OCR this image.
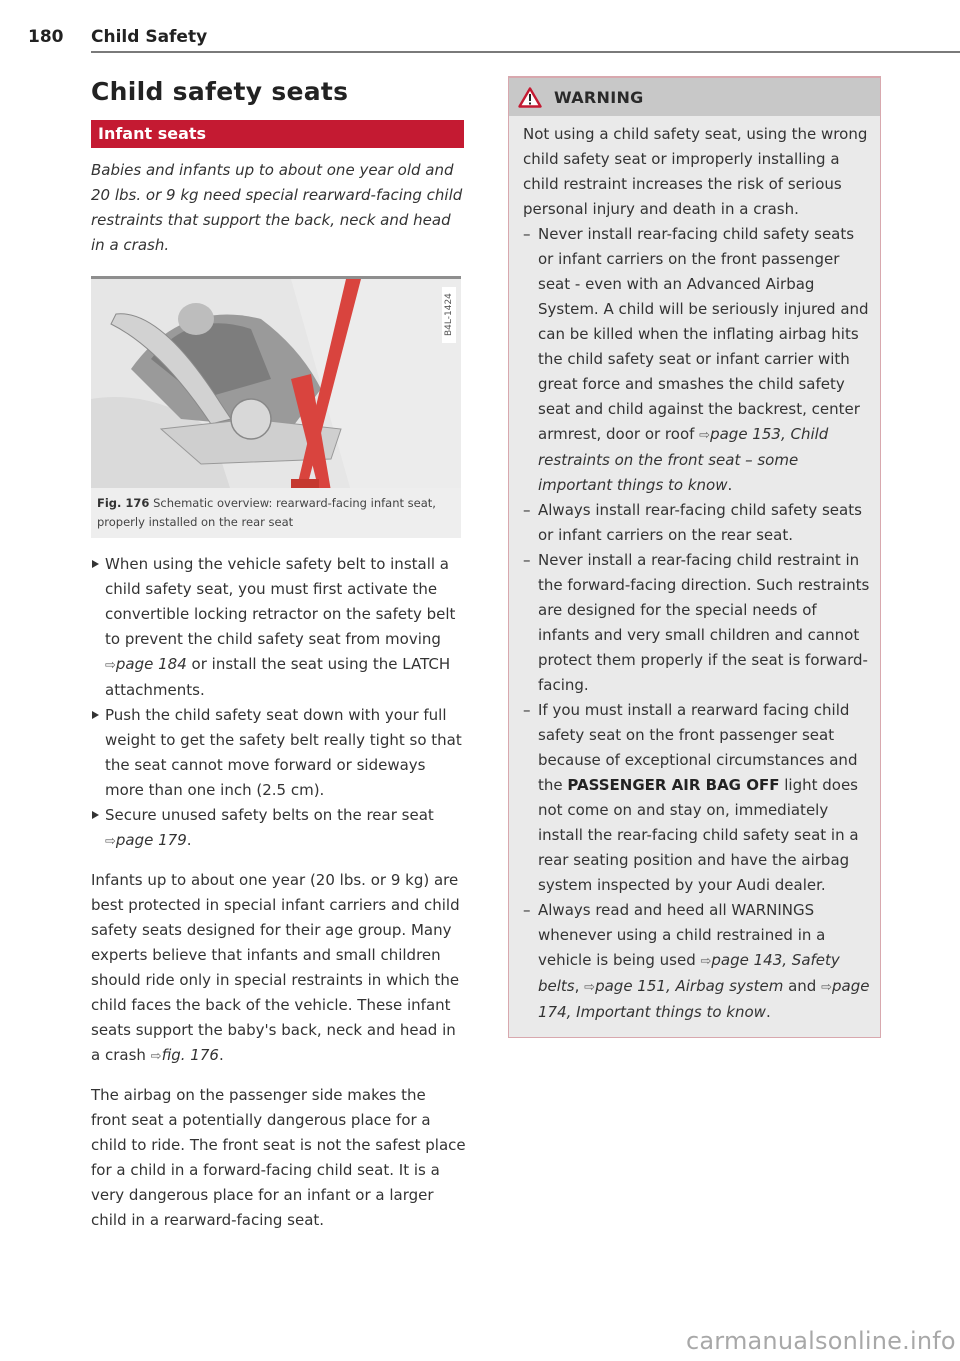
180 Child Safety
Child safety seats
Infant seats

Babies and infants up to about one year old and 20 lbs. or 9 kg need special rearward-facing child restraints that support the back, neck and head in a crash.

B4L-1424
Fig. 176 Schematic overview: rearward-facing infant seat, properly installed on the rear seat
When using the vehicle safety belt to install a child safety seat, you must first activate the convertible locking retractor on the safety belt to prevent the child safety seat from moving ⇨page 184 or install the seat using the LATCH attachments.
Push the child safety seat down with your full weight to get the safety belt really tight so that the seat cannot move forward or sideways more than one inch (2.5 cm).
Secure unused safety belts on the rear seat ⇨page 179.

Infants up to about one year (20 lbs. or 9 kg) are best protected in special infant carriers and child safety seats designed for their age group. Many experts believe that infants and small children should ride only in special restraints in which the child faces the back of the vehicle. These infant seats support the baby's back, neck and head in a crash ⇨fig. 176.

The airbag on the passenger side makes the front seat a potentially dangerous place for a child to ride. The front seat is not the safest place for a child in a forward-facing child seat. It is a very dangerous place for an infant or a larger child in a rearward-facing seat.

WARNING

Not using a child safety seat, using the wrong child safety seat or improperly installing a child restraint increases the risk of serious personal injury and death in a crash.

– Never install rear-facing child safety seats or infant carriers on the front passenger seat - even with an Advanced Airbag System. A child will be seriously injured and can be killed when the inflating airbag hits the child safety seat or infant carrier with great force and smashes the child safety seat and child against the backrest, center armrest, door or roof ⇨page 153, Child restraints on the front seat – some important things to know.
– Always install rear-facing child safety seats or infant carriers on the rear seat.
– Never install a rear-facing child restraint in the forward-facing direction. Such restraints are designed for the special needs of infants and very small children and cannot protect them properly if the seat is forward-facing.
– If you must install a rearward facing child safety seat on the front passenger seat because of exceptional circumstances and the PASSENGER AIR BAG OFF light does not come on and stay on, immediately install the rear-facing child safety seat in a rear seating position and have the airbag system inspected by your Audi dealer.
– Always read and heed all WARNINGS whenever using a child restrained in a vehicle is being used ⇨page 143, Safety belts, ⇨page 151, Airbag system and ⇨page 174, Important things to know.
carmanualsonline.info
